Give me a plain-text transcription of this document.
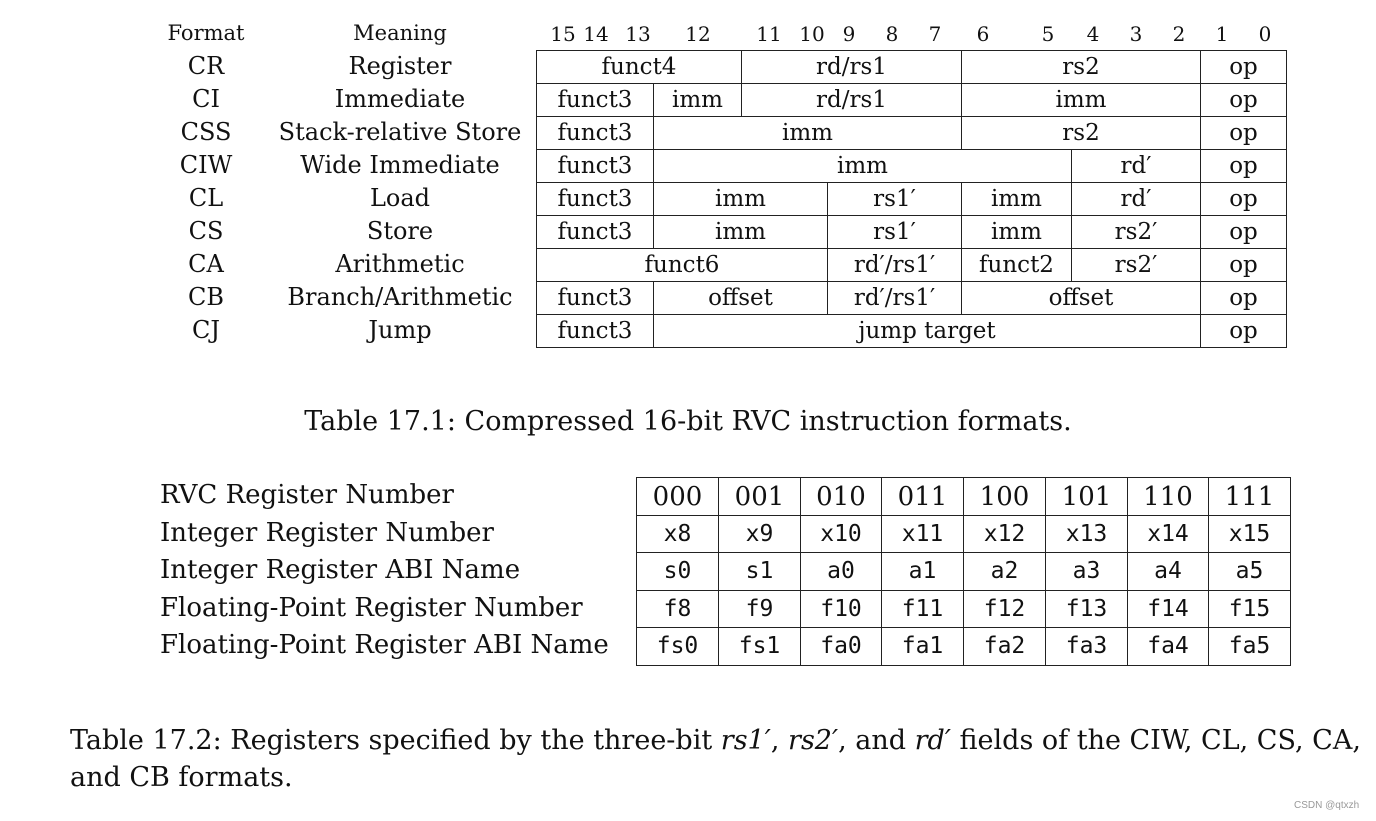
Format	Meaning	15 14 13	12	11 10 9	8	7	6	5	4	3	2	1	0
CR	Register	funct4	rd/rs1	rs2	op
CI	Immediate	funct3	imm	rd/rs1	imm	op
CSS	Stack-relative Store	funct3	imm	rs2	op
CIW	Wide Immediate	funct3	imm	rd′	op
CL	Load	funct3	imm	rs1′	imm	rd′	op
CS	Store	funct3	imm	rs1′	imm	rs2′	op
CA	Arithmetic	funct6	rd′/rs1′	funct2	rs2′	op
CB	Branch/Arithmetic	funct3	offset	rd′/rs1′	offset	op
CJ	Jump	funct3	jump target	op
Table 17.1: Compressed 16-bit RVC instruction formats.
RVC Register Number	000	001	010	011	100	101	110	111
Integer Register Number	x8	x9	x10	x11	x12	x13	x14	x15
Integer Register ABI Name	s0	s1	a0	a1	a2	a3	a4	a5
Floating-Point Register Number	f8	f9	f10	f11	f12	f13	f14	f15
Floating-Point Register ABI Name	fs0	fs1	fa0	fa1	fa2	fa3	fa4	fa5
Table 17.2: Registers specified by the three-bit rs1′, rs2′, and rd′ fields of the CIW, CL, CS, CA,
and CB formats.
CSDN @qtxzh
